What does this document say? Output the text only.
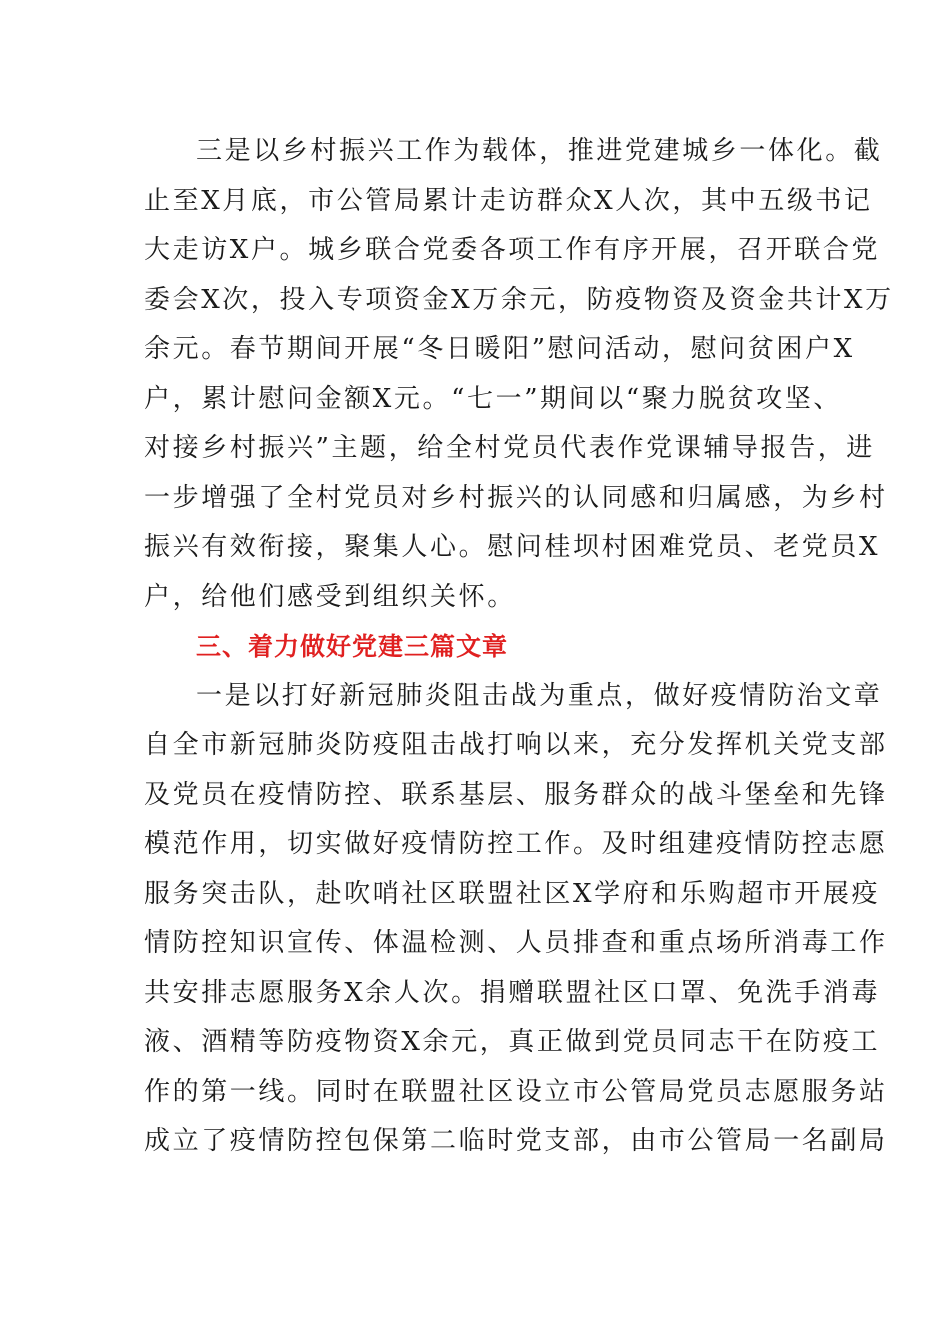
三是以乡村振兴工作为载体，推进党建城乡一体化。截
止至X月底，市公管局累计走访群众X人次，其中五级书记
大走访X户。城乡联合党委各项工作有序开展，召开联合党
委会X次，投入专项资金X万余元，防疫物资及资金共计X万
余元。春节期间开展“冬日暖阳”慰问活动，慰问贫困户X
户，累计慰问金额X元。“七一”期间以“聚力脱贫攻坚、
对接乡村振兴”主题，给全村党员代表作党课辅导报告，进
一步增强了全村党员对乡村振兴的认同感和归属感，为乡村
振兴有效衔接，聚集人心。慰问桂坝村困难党员、老党员X
户，给他们感受到组织关怀。
三、着力做好党建三篇文章
一是以打好新冠肺炎阻击战为重点，做好疫情防治文章
自全市新冠肺炎防疫阻击战打响以来，充分发挥机关党支部
及党员在疫情防控、联系基层、服务群众的战斗堡垒和先锋
模范作用，切实做好疫情防控工作。及时组建疫情防控志愿
服务突击队，赴吹哨社区联盟社区X学府和乐购超市开展疫
情防控知识宣传、体温检测、人员排查和重点场所消毒工作
共安排志愿服务X余人次。捐赠联盟社区口罩、免洗手消毒
液、酒精等防疫物资X余元，真正做到党员同志干在防疫工
作的第一线。同时在联盟社区设立市公管局党员志愿服务站
成立了疫情防控包保第二临时党支部，由市公管局一名副局
